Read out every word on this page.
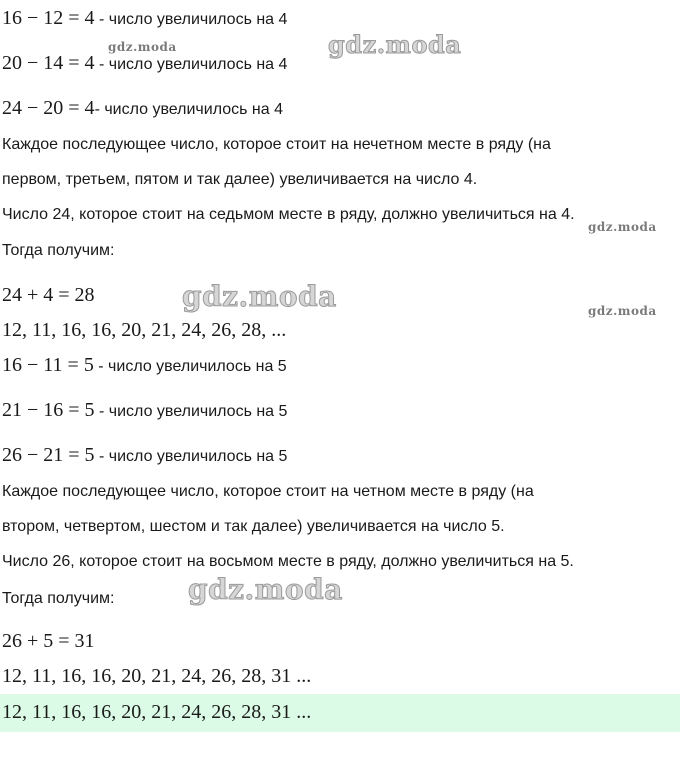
16 − 12 = 4 - число увеличилось на 4
20 − 14 = 4 - число увеличилось на 4
24 − 20 = 4- число увеличилось на 4
Каждое последующее число, которое стоит на нечетном месте в ряду (на
первом, третьем, пятом и так далее) увеличивается на число 4.
Число 24, которое стоит на седьмом месте в ряду, должно увеличиться на 4.
Тогда получим:
24 + 4 = 28
12, 11, 16, 16, 20, 21, 24, 26, 28, ...
16 − 11 = 5 - число увеличилось на 5
21 − 16 = 5 - число увеличилось на 5
26 − 21 = 5 - число увеличилось на 5
Каждое последующее число, которое стоит на четном месте в ряду (на
втором, четвертом, шестом и так далее) увеличивается на число 5.
Число 26, которое стоит на восьмом месте в ряду, должно увеличиться на 5.
Тогда получим:
26 + 5 = 31
12, 11, 16, 16, 20, 21, 24, 26, 28, 31 ...
12, 11, 16, 16, 20, 21, 24, 26, 28, 31 ...
gdz.moda	gdz.moda
gdz.moda
gdz.moda	gdz.moda
gdz.moda
